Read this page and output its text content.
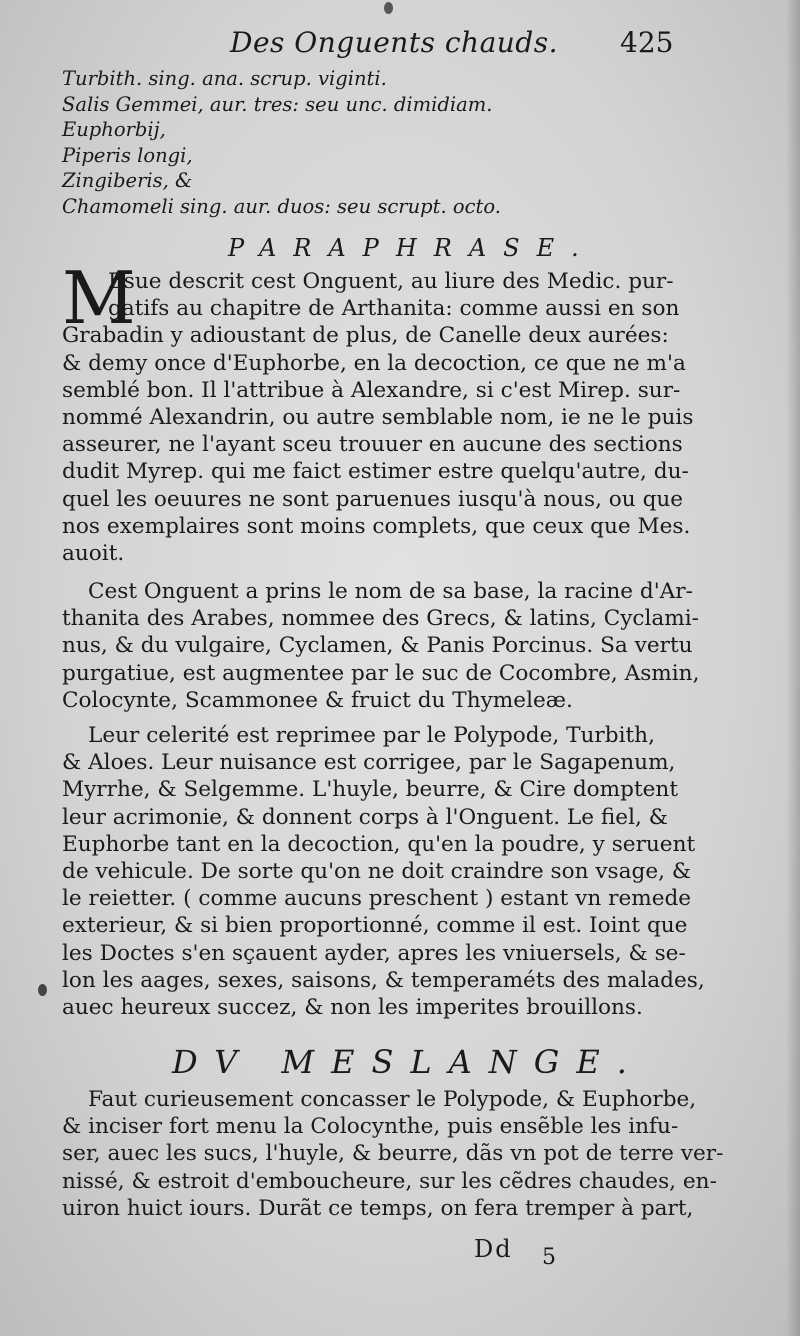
Des Onguents chauds. 425
Turbith. sing. ana. scrup. viginti.
Salis Gemmei, aur. tres: seu unc. dimidiam.
Euphorbij,
Piperis longi,
Zingiberis, &
Chamomeli sing. aur. duos: seu scrupt. octo.
PARAPHRASE.
M
Esue descrit cest Onguent, au liure des Medic. pur-
gatifs au chapitre de Arthanita: comme aussi en son
Grabadin y adioustant de plus, de Canelle deux aurées:
& demy once d'Euphorbe, en la decoction, ce que ne m'a
semblé bon. Il l'attribue à Alexandre, si c'est Mirep. sur-
nommé Alexandrin, ou autre semblable nom, ie ne le puis
asseurer, ne l'ayant sceu trouuer en aucune des sections
dudit Myrep. qui me faict estimer estre quelqu'autre, du-
quel les oeuures ne sont paruenues iusqu'à nous, ou que
nos exemplaires sont moins complets, que ceux que Mes.
auoit.
Cest Onguent a prins le nom de sa base, la racine d'Ar-
thanita des Arabes, nommee des Grecs, & latins, Cyclami-
nus, & du vulgaire, Cyclamen, & Panis Porcinus. Sa vertu
purgatiue, est augmentee par le suc de Cocombre, Asmin,
Colocynte, Scammonee & fruict du Thymeleæ.
Leur celerité est reprimee par le Polypode, Turbith,
& Aloes. Leur nuisance est corrigee, par le Sagapenum,
Myrrhe, & Selgemme. L'huyle, beurre, & Cire domptent
leur acrimonie, & donnent corps à l'Onguent. Le fiel, &
Euphorbe tant en la decoction, qu'en la poudre, y seruent
de vehicule. De sorte qu'on ne doit craindre son vsage, &
le reietter. ( comme aucuns preschent ) estant vn remede
exterieur, & si bien proportionné, comme il est. Ioint que
les Doctes s'en sçauent ayder, apres les vniuersels, & se-
lon les aages, sexes, saisons, & temperaméts des malades,
auec heureux succez, & non les imperites brouillons.
DV MESLANGE.
Faut curieusement concasser le Polypode, & Euphorbe,
& inciser fort menu la Colocynthe, puis ensẽble les infu-
ser, auec les sucs, l'huyle, & beurre, dãs vn pot de terre ver-
nissé, & estroit d'emboucheure, sur les cẽdres chaudes, en-
uiron huict iours. Durãt ce temps, on fera tremper à part,
Dd 5
